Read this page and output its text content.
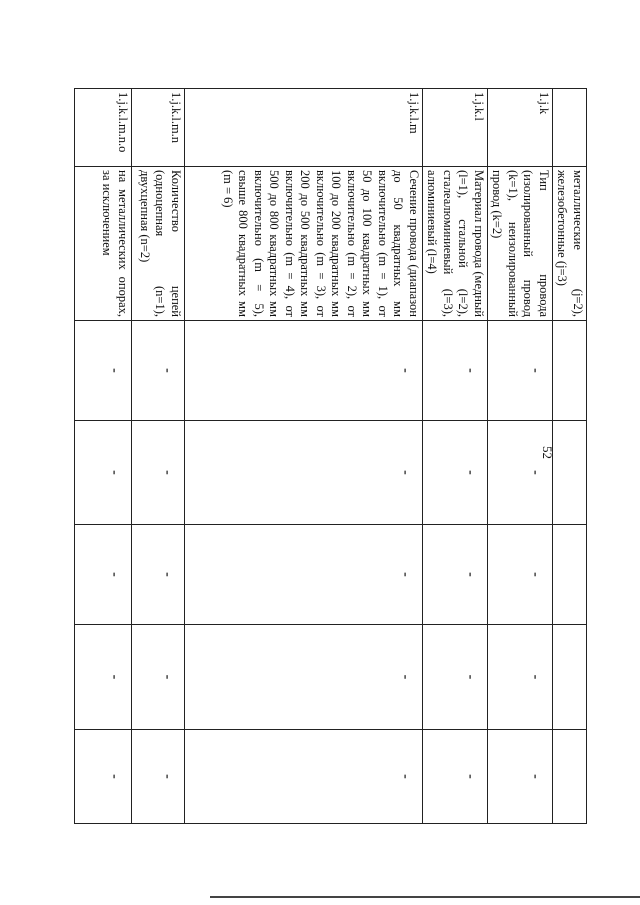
52
	металлические (j=2), железобетонные (j=3)					
1.j.k	Тип провода (изолированный провод (k=1), неизолированный провод (k=2)	-	-	-	-	-
1.j.k.l	Материал провода (медный (l=1), стальной (l=2), сталеалюминиевый (l=3), алюминиевый (l=4)	-	-	-	-	-
1.j.k.l.m	Сечение провода (диапазон до 50 квадратных мм включительно (m = 1), от 50 до 100 квадратных мм включительно (m = 2), от 100 до 200 квадратных мм включительно (m = 3), от 200 до 500 квадратных мм включительно (m = 4), от 500 до 800 квадратных мм включительно (m = 5), свыше 800 квадратных мм (m = 6)	-	-	-	-	-
1.j.k.l.m.n	Количество цепей (одноцепная (n=1), двухцепная (n=2)	-	-	-	-	-
1.j.k.l.m.n.o	на металлических опорах, за исключением	-	-	-	-	-
